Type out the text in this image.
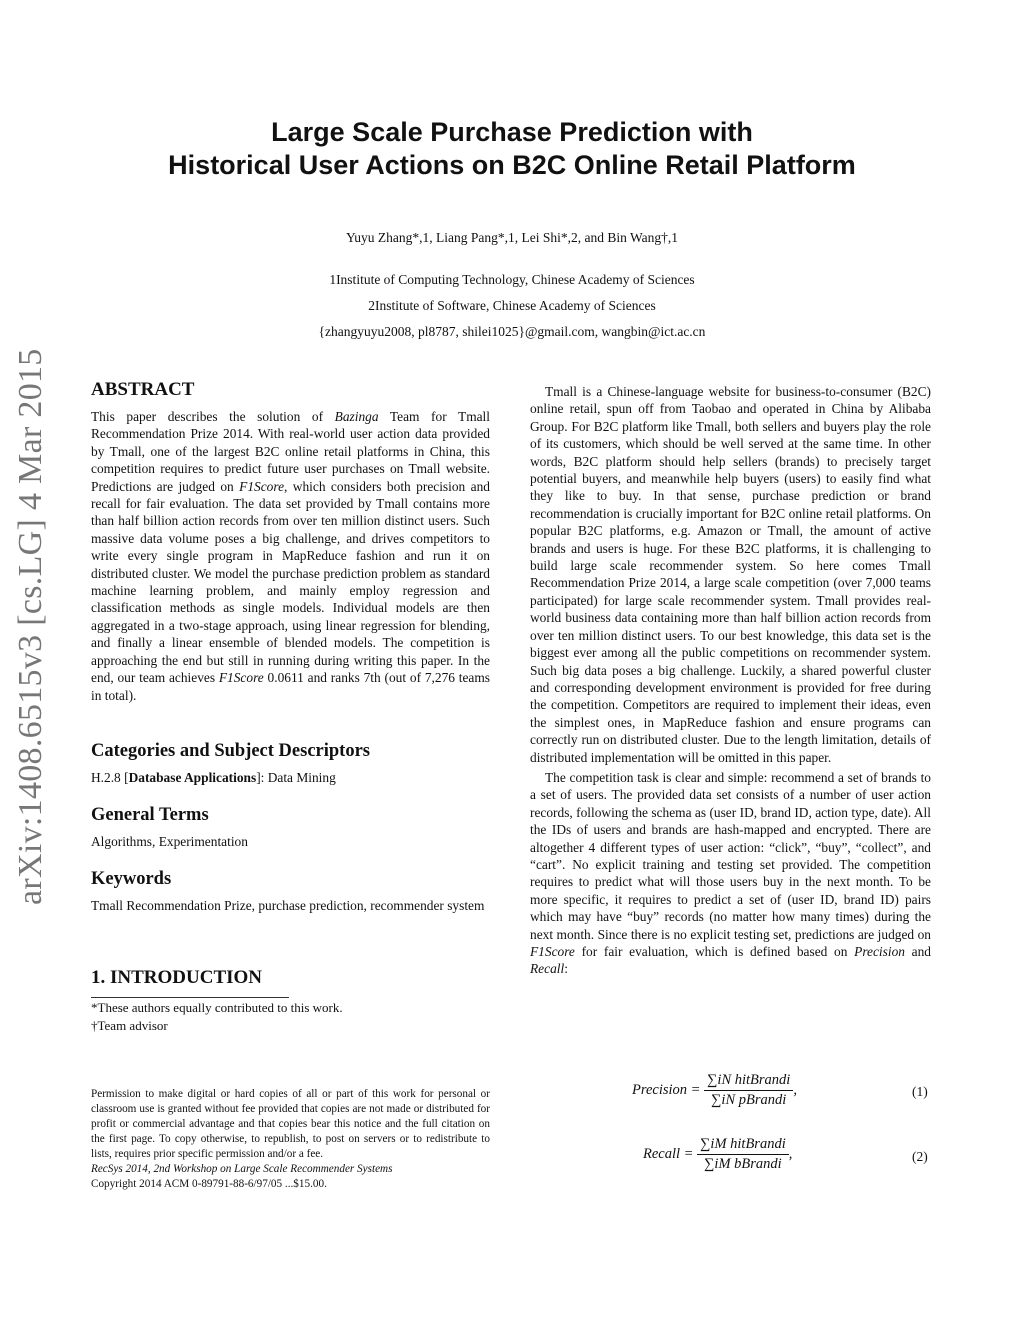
arXiv:1408.6515v3 [cs.LG] 4 Mar 2015
Large Scale Purchase Prediction with
Historical User Actions on B2C Online Retail Platform
Yuyu Zhang*,1, Liang Pang*,1, Lei Shi*,2, and Bin Wang†,1
1Institute of Computing Technology, Chinese Academy of Sciences
2Institute of Software, Chinese Academy of Sciences
{zhangyuyu2008, pl8787, shilei1025}@gmail.com, wangbin@ict.ac.cn
ABSTRACT

This paper describes the solution of Bazinga Team for Tmall Recommendation Prize 2014. With real-world user action data provided by Tmall, one of the largest B2C online retail platforms in China, this competition requires to predict future user purchases on Tmall website. Predictions are judged on F1Score, which considers both precision and recall for fair evaluation. The data set provided by Tmall contains more than half billion action records from over ten million distinct users. Such massive data volume poses a big challenge, and drives competitors to write every single program in MapReduce fashion and run it on distributed cluster. We model the purchase prediction problem as standard machine learning problem, and mainly employ regression and classification methods as single models. Individual models are then aggregated in a two-stage approach, using linear regression for blending, and finally a linear ensemble of blended models. The competition is approaching the end but still in running during writing this paper. In the end, our team achieves F1Score 0.0611 and ranks 7th (out of 7,276 teams in total).

Categories and Subject Descriptors
H.2.8 [Database Applications]: Data Mining
General Terms
Algorithms, Experimentation
Keywords
Tmall Recommendation Prize, purchase prediction, recommender system
1. INTRODUCTION
*These authors equally contributed to this work.
†Team advisor
Permission to make digital or hard copies of all or part of this work for personal or classroom use is granted without fee provided that copies are not made or distributed for profit or commercial advantage and that copies bear this notice and the full citation on the first page. To copy otherwise, to republish, to post on servers or to redistribute to lists, requires prior specific permission and/or a fee.
RecSys 2014, 2nd Workshop on Large Scale Recommender Systems
Copyright 2014 ACM 0-89791-88-6/97/05 ...$15.00.

Tmall is a Chinese-language website for business-to-consumer (B2C) online retail, spun off from Taobao and operated in China by Alibaba Group. For B2C platform like Tmall, both sellers and buyers play the role of its customers, which should be well served at the same time. In other words, B2C platform should help sellers (brands) to precisely target potential buyers, and meanwhile help buyers (users) to easily find what they like to buy. In that sense, purchase prediction or brand recommendation is crucially important for B2C online retail platforms. On popular B2C platforms, e.g. Amazon or Tmall, the amount of active brands and users is huge. For these B2C platforms, it is challenging to build large scale recommender system. So here comes Tmall Recommendation Prize 2014, a large scale competition (over 7,000 teams participated) for large scale recommender system. Tmall provides real-world business data containing more than half billion action records from over ten million distinct users. To our best knowledge, this data set is the biggest ever among all the public competitions on recommender system. Such big data poses a big challenge. Luckily, a shared powerful cluster and corresponding development environment is provided for free during the competition. Competitors are required to implement their ideas, even the simplest ones, in MapReduce fashion and ensure programs can correctly run on distributed cluster. Due to the length limitation, details of distributed implementation will be omitted in this paper.

The competition task is clear and simple: recommend a set of brands to a set of users. The provided data set consists of a number of user action records, following the schema as (user ID, brand ID, action type, date). All the IDs of users and brands are hash-mapped and encrypted. There are altogether 4 different types of user action: “click”, “buy”, “collect”, and “cart”. No explicit training and testing set provided. The competition requires to predict what will those users buy in the next month. To be more specific, it requires to predict a set of (user ID, brand ID) pairs which may have “buy” records (no matter how many times) during the next month. Since there is no explicit testing set, predictions are judged on F1Score for fair evaluation, which is defined based on Precision and Recall:

Precision = $\frac{\text{∑iN hitBrandi}}{\text{∑iN pBrandi}}$ ,	(1)
Recall = $\frac{\text{∑iM hitBrandi}}{\text{∑iM bBrandi}}$ ,	(2)
